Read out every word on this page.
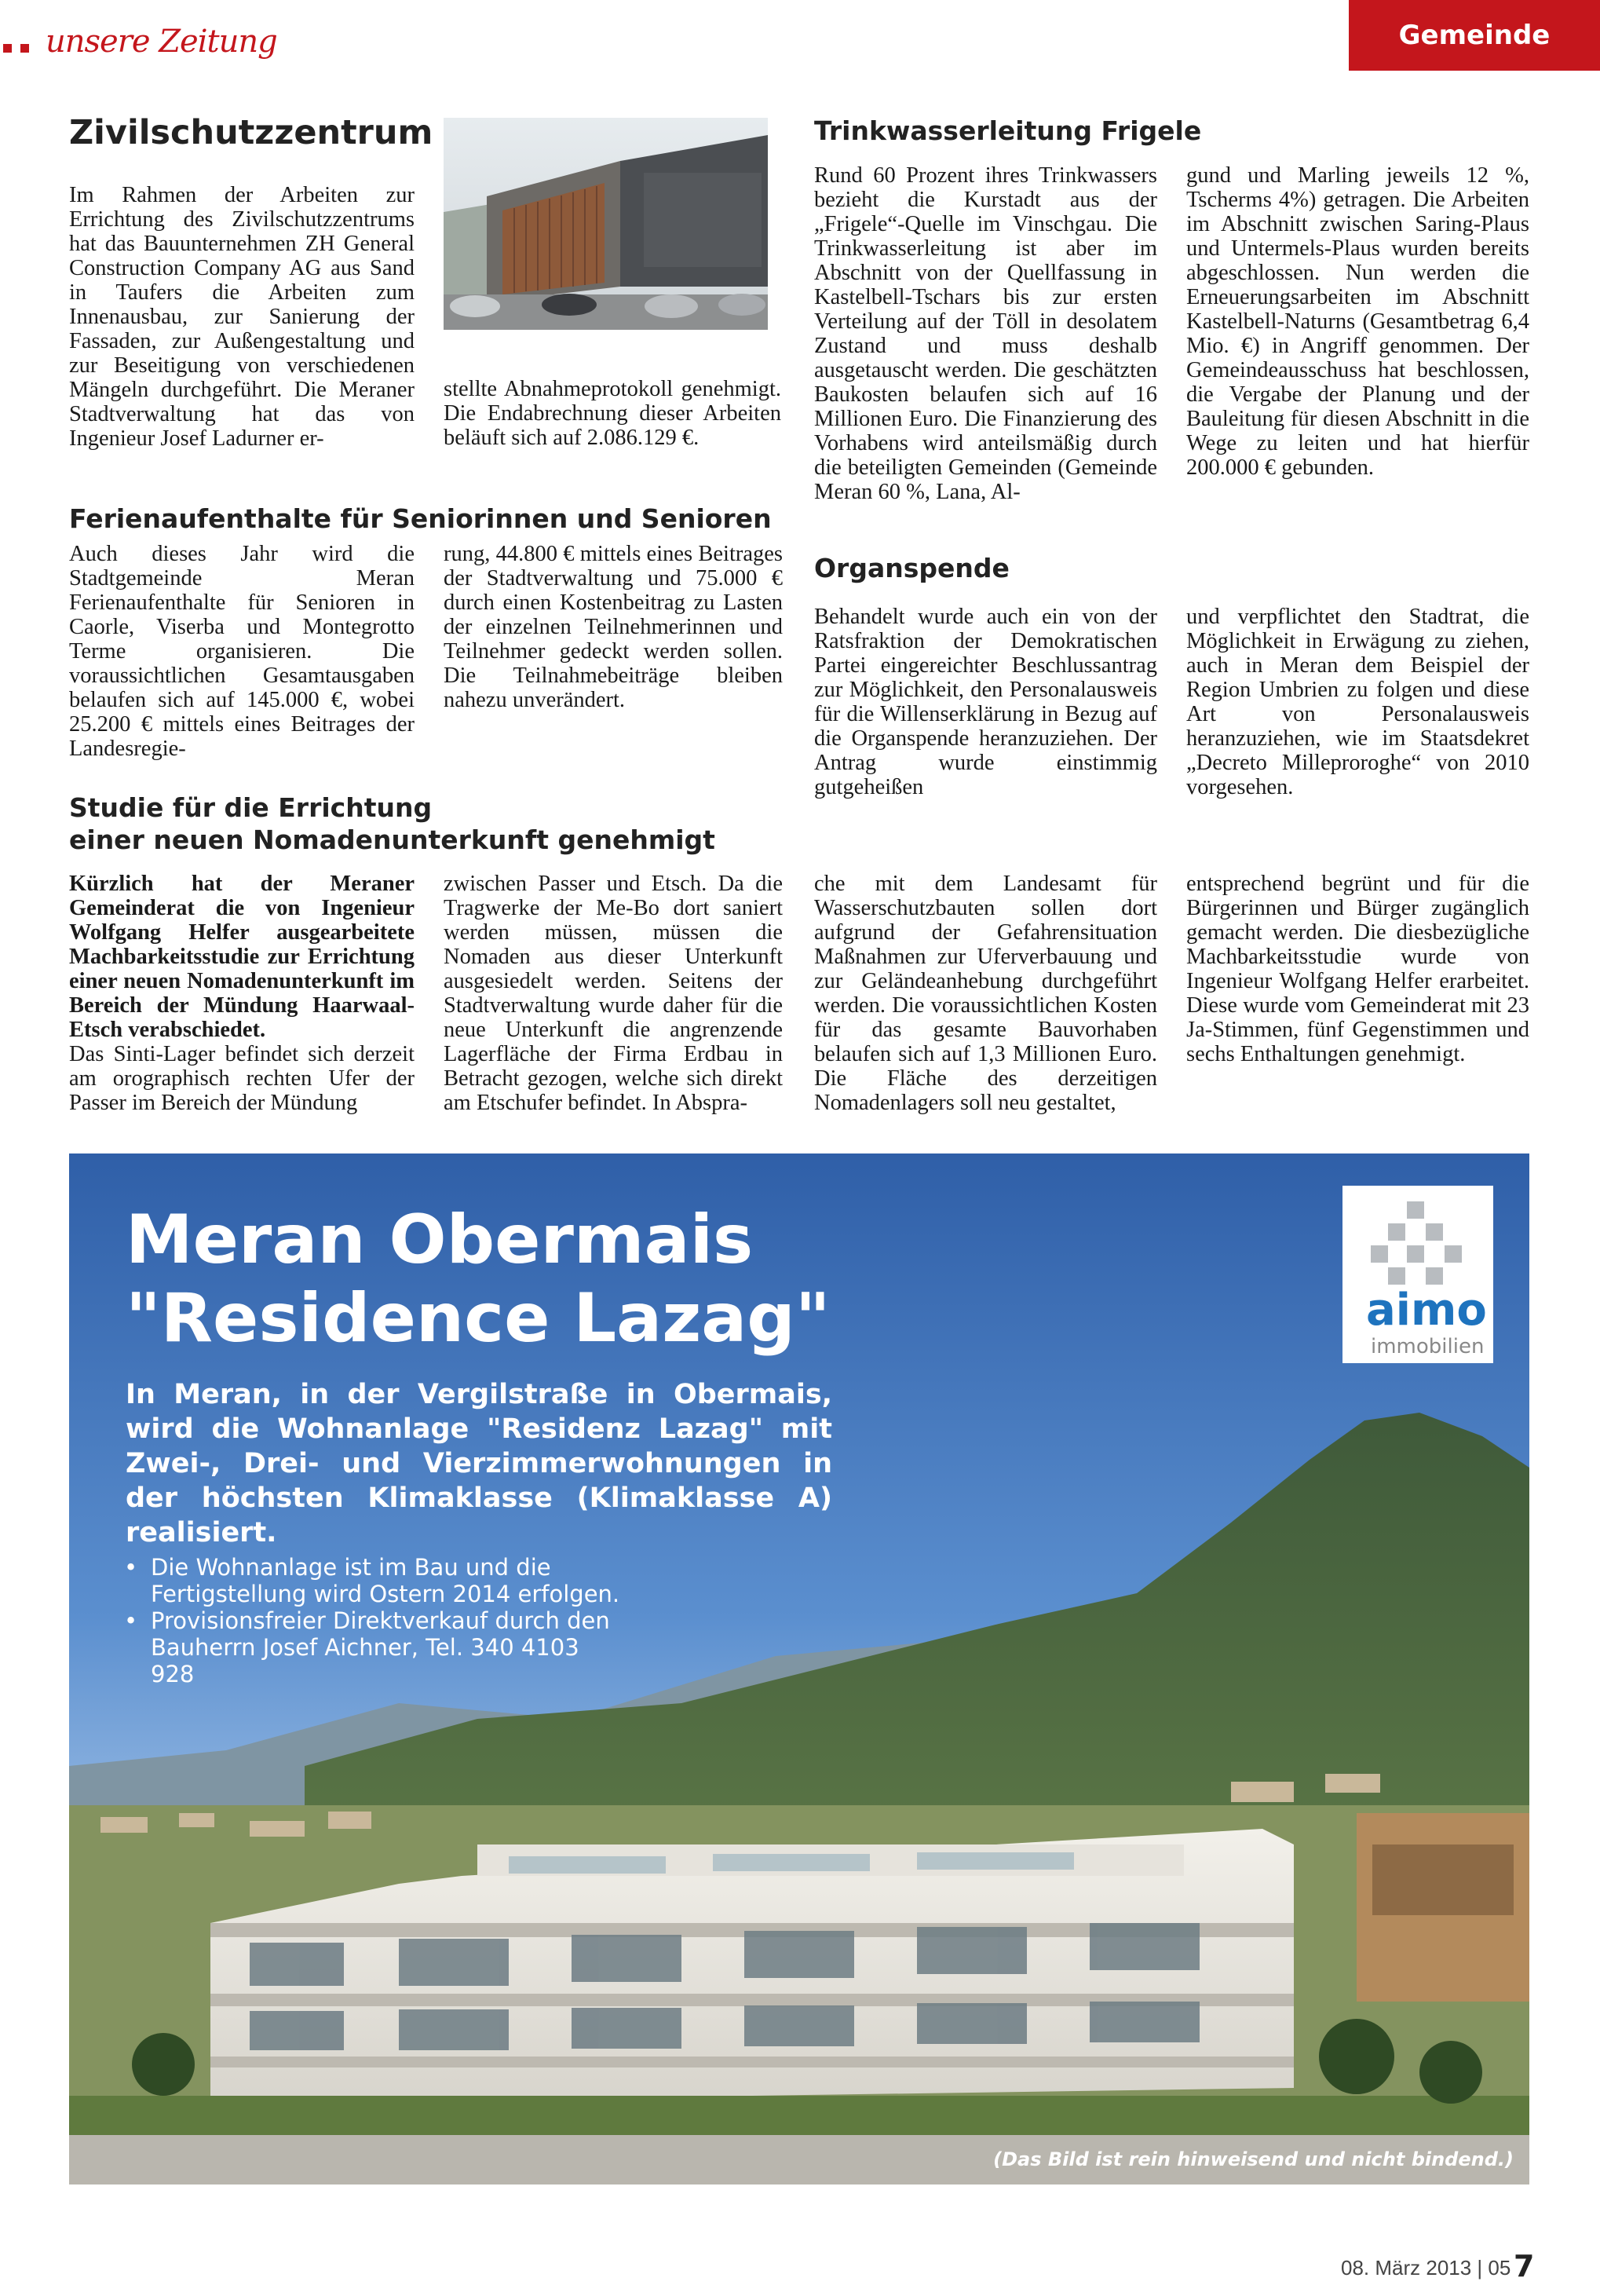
unsere Zeitung	Gemeinde
Zivilschutzzentrum
Im Rahmen der Arbeiten zur Errichtung des Zivilschutzzentrums hat das Bauunternehmen ZH General Construction Company AG aus Sand in Taufers die Arbeiten zum Innenausbau, zur Sanierung der Fassaden, zur Außengestaltung und zur Beseitigung von verschiedenen Mängeln durchgeführt. Die Meraner Stadtverwaltung hat das von Ingenieur Josef Ladurner er-
stellte Abnahmeprotokoll genehmigt. Die Endabrechnung dieser Arbeiten beläuft sich auf 2.086.129 €.
Ferienaufenthalte für Seniorinnen und Senioren
Auch dieses Jahr wird die Stadtgemeinde Meran Ferienaufenthalte für Senioren in Caorle, Viserba und Montegrotto Terme organisieren. Die voraussichtlichen Gesamtausgaben belaufen sich auf 145.000 €, wobei 25.200 € mittels eines Beitrages der Landesregie-
rung, 44.800 € mittels eines Beitrages der Stadtverwaltung und 75.000 € durch einen Kostenbeitrag zu Lasten der einzelnen Teilnehmerinnen und Teilnehmer gedeckt werden sollen. Die Teilnahmebeiträge bleiben nahezu unverändert.
Trinkwasserleitung Frigele
Rund 60 Prozent ihres Trinkwassers bezieht die Kurstadt aus der „Frigele“-Quelle im Vinschgau. Die Trinkwasserleitung ist aber im Abschnitt von der Quellfassung in Kastelbell-Tschars bis zur ersten Verteilung auf der Töll in desolatem Zustand und muss deshalb ausgetauscht werden. Die geschätzten Baukosten belaufen sich auf 16 Millionen Euro. Die Finanzierung des Vorhabens wird anteilsmäßig durch die beteiligten Gemeinden (Gemeinde Meran 60 %, Lana, Al-
gund und Marling jeweils 12 %, Tscherms 4%) getragen. Die Arbeiten im Abschnitt zwischen Saring-Plaus und Untermels-Plaus wurden bereits abgeschlossen. Nun werden die Erneuerungsarbeiten im Abschnitt Kastelbell-Naturns (Gesamtbetrag 6,4 Mio. €) in Angriff genommen. Der Gemeindeausschuss hat beschlossen, die Vergabe der Planung und der Bauleitung für diesen Abschnitt in die Wege zu leiten und hat hierfür 200.000 € gebunden.
Organspende
Behandelt wurde auch ein von der Ratsfraktion der Demokratischen Partei eingereichter Beschlussantrag zur Möglichkeit, den Personalausweis für die Willenserklärung in Bezug auf die Organspende heranzuziehen. Der Antrag wurde einstimmig gutgeheißen
und verpflichtet den Stadtrat, die Möglichkeit in Erwägung zu ziehen, auch in Meran dem Beispiel der Region Umbrien zu folgen und diese Art von Personalausweis heranzuziehen, wie im Staatsdekret „Decreto Milleproroghe“ von 2010 vorgesehen.
Studie für die Errichtung
einer neuen Nomadenunterkunft genehmigt

Kürzlich hat der Meraner Gemeinderat die von Ingenieur Wolfgang Helfer ausgearbeitete Machbarkeitsstudie zur Errichtung einer neuen Nomadenunterkunft im Bereich der Mündung Haarwaal-Etsch verabschiedet.

Das Sinti-Lager befindet sich derzeit am orographisch rechten Ufer der Passer im Bereich der Mündung

zwischen Passer und Etsch. Da die Tragwerke der Me-Bo dort saniert werden müssen, müssen die Nomaden aus dieser Unterkunft ausgesiedelt werden. Seitens der Stadtverwaltung wurde daher für die neue Unterkunft die angrenzende Lagerfläche der Firma Erdbau in Betracht gezogen, welche sich direkt am Etschufer befindet. In Abspra-
che mit dem Landesamt für Wasserschutzbauten sollen dort aufgrund der Gefahrensituation Maßnahmen zur Uferverbauung und zur Geländeanhebung durchgeführt werden. Die voraussichtlichen Kosten für das gesamte Bauvorhaben belaufen sich auf 1,3 Millionen Euro. Die Fläche des derzeitigen Nomadenlagers soll neu gestaltet,
entsprechend begrünt und für die Bürgerinnen und Bürger zugänglich gemacht werden. Die diesbezügliche Machbarkeitsstudie wurde von Ingenieur Wolfgang Helfer erarbeitet. Diese wurde vom Gemeinderat mit 23 Ja-Stimmen, fünf Gegenstimmen und sechs Enthaltungen genehmigt.
Meran Obermais
"Residence Lazag"
In Meran, in der Vergilstraße in Obermais, wird die Wohnanlage "Residenz Lazag" mit Zwei-, Drei- und Vierzimmerwohnungen in der höchsten Klimaklasse (Klimaklasse A) realisiert.
• Die Wohnanlage ist im Bau und die Fertigstellung wird Ostern 2014 erfolgen.
• Provisionsfreier Direktverkauf durch den Bauherrn Josef Aichner, Tel. 340 4103 928
aimo
immobilien
(Das Bild ist rein hinweisend und nicht bindend.)
08. März 2013 | 05 7
